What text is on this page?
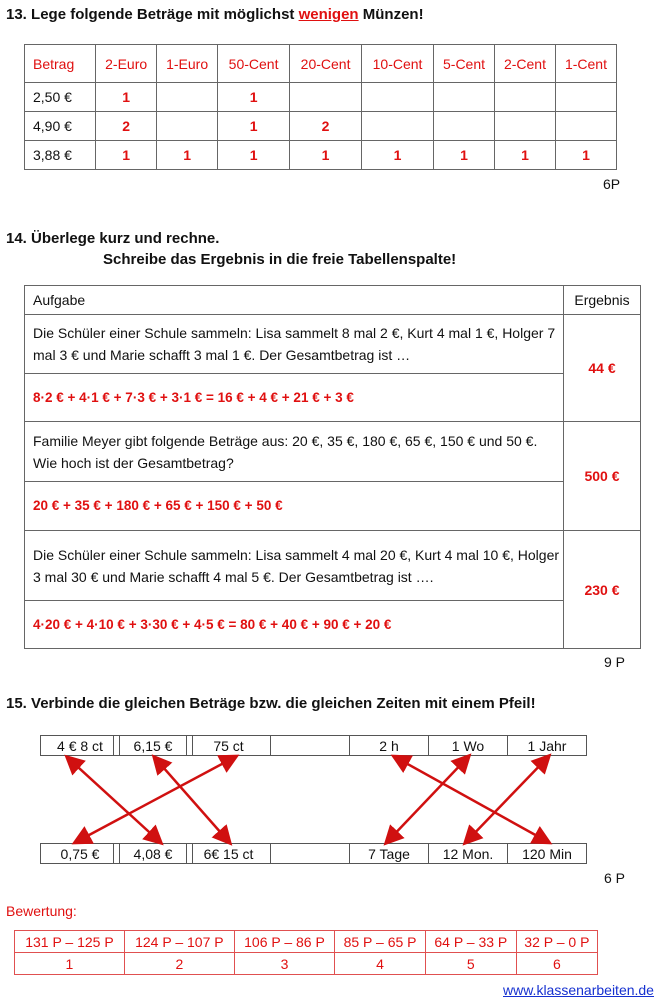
13. Lege folgende Beträge mit möglichst wenigen Münzen!
Betrag	2-Euro	1-Euro	50-Cent	20-Cent	10-Cent	5-Cent	2-Cent	1-Cent
2,50 €	1		1					
4,90 €	2		1	2				
3,88 €	1	1	1	1	1	1	1	1
6P
14. Überlege kurz und rechne.
Schreibe das Ergebnis in die freie Tabellenspalte!
Aufgabe	Ergebnis
Die Schüler einer Schule sammeln: Lisa sammelt 8 mal 2 €, Kurt 4 mal 1 €, Holger 7 mal 3 € und Marie schafft 3 mal 1 €. Der Gesamtbetrag ist …	44 €
8·2 € + 4·1 € + 7·3 € + 3·1 € = 16 € + 4 € + 21 € + 3 €	
Familie Meyer gibt folgende Beträge aus: 20 €, 35 €, 180 €, 65 €, 150 € und 50 €. Wie hoch ist der Gesamtbetrag?	500 €
20 € + 35 € + 180 € + 65 € + 150 € + 50 €	
Die Schüler einer Schule sammeln: Lisa sammelt 4 mal 20 €, Kurt 4 mal 10 €, Holger 3 mal 30 € und Marie schafft 4 mal 5 €. Der Gesamtbetrag ist ….	230 €
4·20 € + 4·10 € + 3·30 € + 4·5 € = 80 € + 40 € + 90 € + 20 €	
9 P
15. Verbinde die gleichen Beträge bzw. die gleichen Zeiten mit einem Pfeil!
4 € 8 ct	6,15 €	75 ct	2 h	1 Wo	1 Jahr
0,75 €	4,08 €	6€ 15 ct	7 Tage	12 Mon.	120 Min
6 P
Bewertung:
131 P – 125 P	124 P – 107 P	106 P – 86 P	85 P – 65 P	64 P – 33 P	32 P – 0 P
1	2	3	4	5	6
www.klassenarbeiten.de
